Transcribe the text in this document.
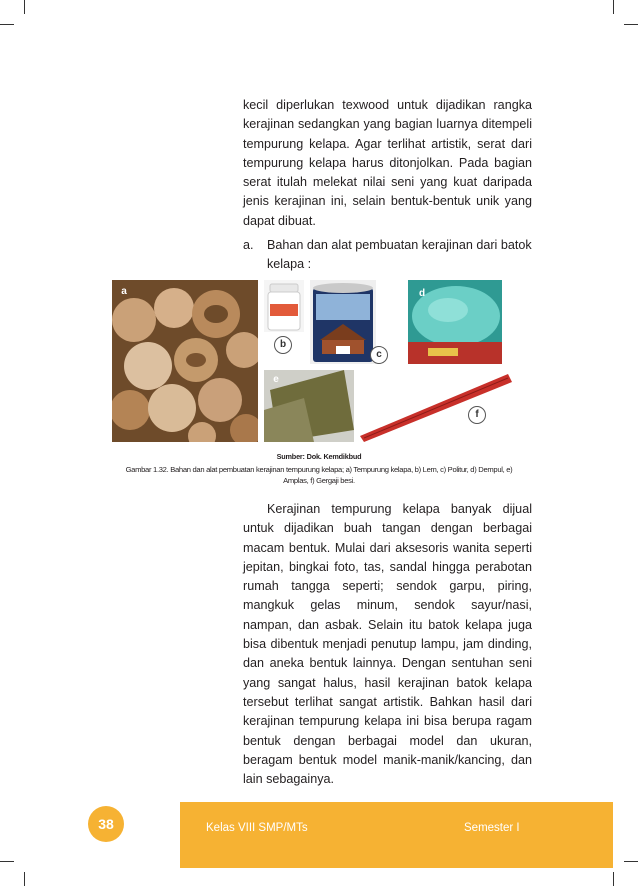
kecil diperlukan texwood untuk dijadikan rangka kerajinan sedangkan yang bagian luarnya ditempeli tempurung kelapa. Agar terlihat artistik, serat dari tempurung kelapa harus ditonjolkan. Pada bagian serat itulah melekat nilai seni yang kuat daripada jenis kerajinan ini, selain bentuk-bentuk unik yang dapat dibuat.

a. Bahan dan alat pembuatan kerajinan dari batok kelapa :
a
b
c
d
e
f
Sumber: Dok. Kemdikbud
Gambar 1.32. Bahan dan alat pembuatan kerajinan tempurung kelapa; a) Tempurung kelapa, b) Lem, c) Politur, d) Dempul, e) Amplas, f) Gergaji besi.

Kerajinan tempurung kelapa banyak dijual untuk dijadikan buah tangan dengan berbagai macam bentuk. Mulai dari aksesoris wanita seperti jepitan, bingkai foto, tas, sandal hingga perabotan rumah tangga seperti; sendok garpu, piring, mangkuk gelas minum, sendok sayur/nasi, nampan, dan asbak. Selain itu batok kelapa juga bisa dibentuk menjadi penutup lampu, jam dinding, dan aneka bentuk lainnya. Dengan sentuhan seni yang sangat halus, hasil kerajinan batok kelapa tersebut terlihat sangat artistik. Bahkan hasil dari kerajinan tempurung kelapa ini bisa berupa ragam bentuk dengan berbagai model dan ukuran, beragam bentuk model manik-manik/kancing, dan lain sebagainya.

38	Kelas VIII SMP/MTs	Semester I
